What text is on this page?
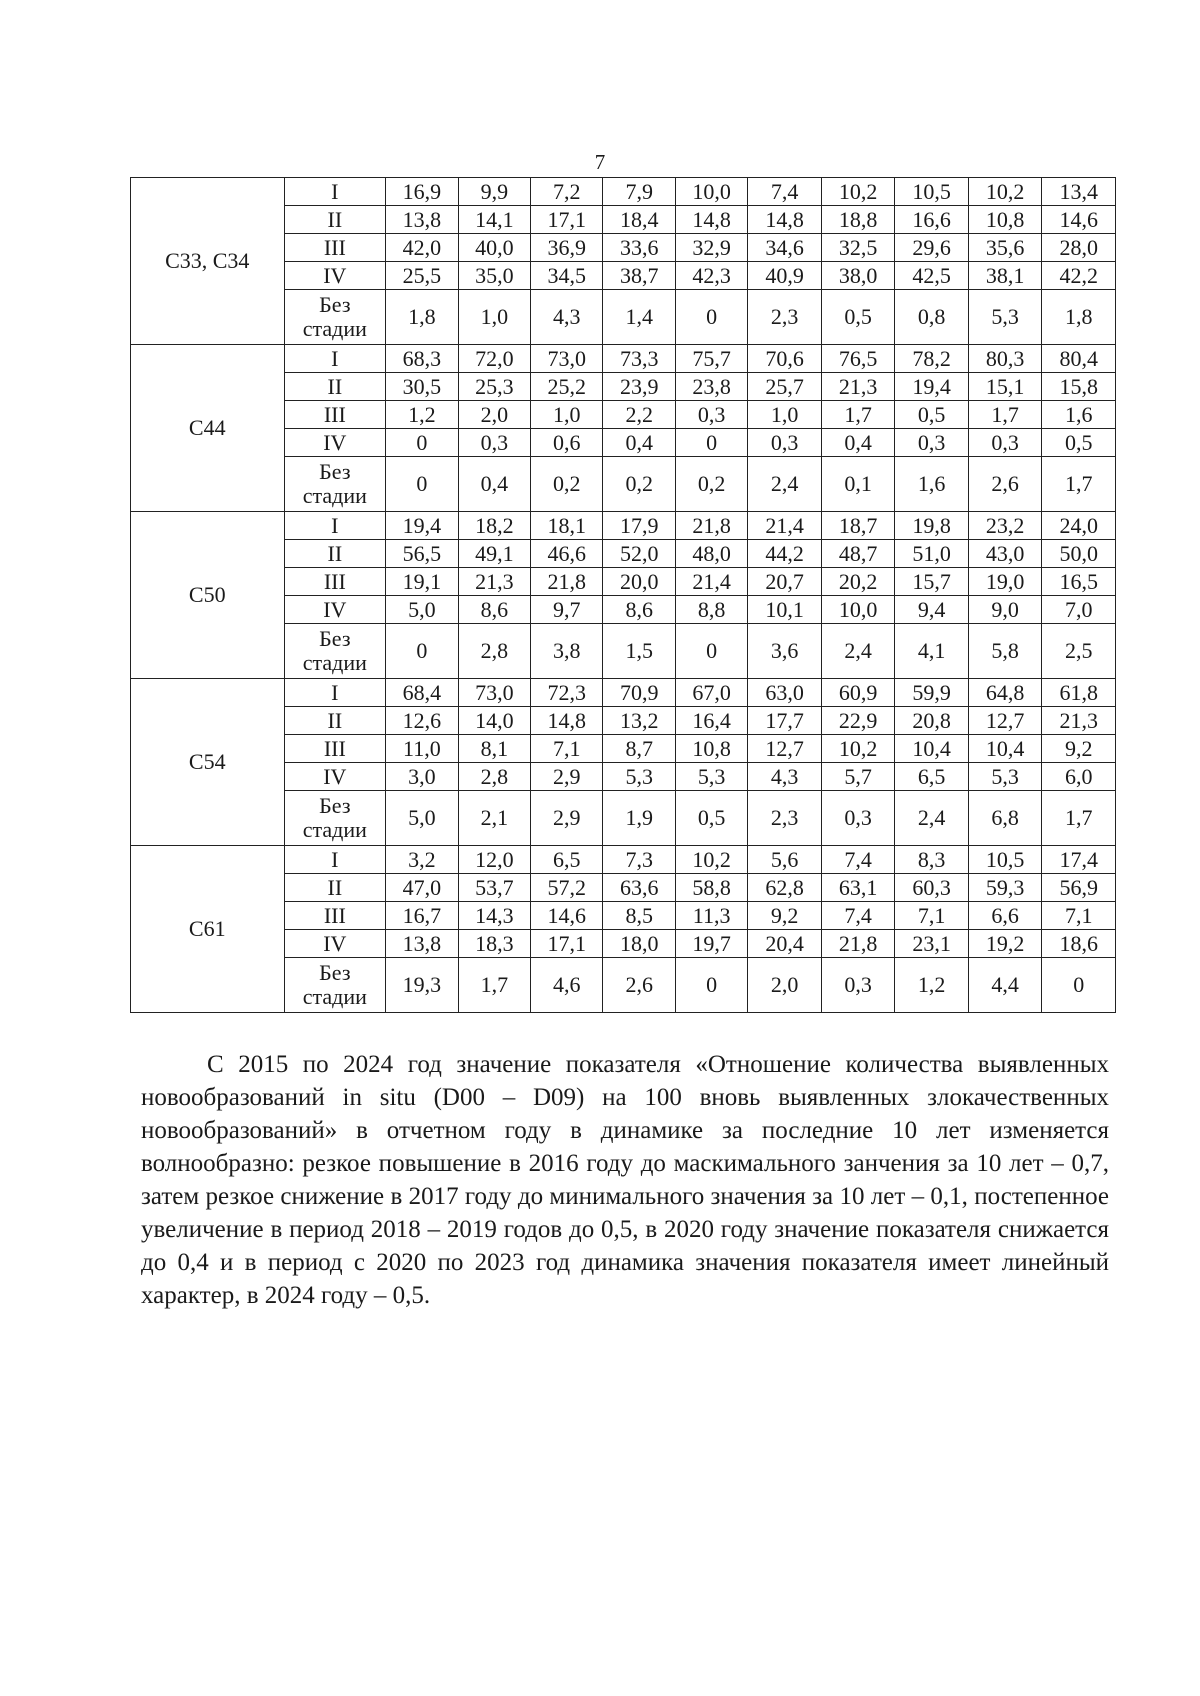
7
C33, C34	I	16,9	9,9	7,2	7,9	10,0	7,4	10,2	10,5	10,2	13,4
	II	13,8	14,1	17,1	18,4	14,8	14,8	18,8	16,6	10,8	14,6
	III	42,0	40,0	36,9	33,6	32,9	34,6	32,5	29,6	35,6	28,0
	IV	25,5	35,0	34,5	38,7	42,3	40,9	38,0	42,5	38,1	42,2
	Без стадии	1,8	1,0	4,3	1,4	0	2,3	0,5	0,8	5,3	1,8
C44	I	68,3	72,0	73,0	73,3	75,7	70,6	76,5	78,2	80,3	80,4
	II	30,5	25,3	25,2	23,9	23,8	25,7	21,3	19,4	15,1	15,8
	III	1,2	2,0	1,0	2,2	0,3	1,0	1,7	0,5	1,7	1,6
	IV	0	0,3	0,6	0,4	0	0,3	0,4	0,3	0,3	0,5
	Без стадии	0	0,4	0,2	0,2	0,2	2,4	0,1	1,6	2,6	1,7
C50	I	19,4	18,2	18,1	17,9	21,8	21,4	18,7	19,8	23,2	24,0
	II	56,5	49,1	46,6	52,0	48,0	44,2	48,7	51,0	43,0	50,0
	III	19,1	21,3	21,8	20,0	21,4	20,7	20,2	15,7	19,0	16,5
	IV	5,0	8,6	9,7	8,6	8,8	10,1	10,0	9,4	9,0	7,0
	Без стадии	0	2,8	3,8	1,5	0	3,6	2,4	4,1	5,8	2,5
C54	I	68,4	73,0	72,3	70,9	67,0	63,0	60,9	59,9	64,8	61,8
	II	12,6	14,0	14,8	13,2	16,4	17,7	22,9	20,8	12,7	21,3
	III	11,0	8,1	7,1	8,7	10,8	12,7	10,2	10,4	10,4	9,2
	IV	3,0	2,8	2,9	5,3	5,3	4,3	5,7	6,5	5,3	6,0
	Без стадии	5,0	2,1	2,9	1,9	0,5	2,3	0,3	2,4	6,8	1,7
C61	I	3,2	12,0	6,5	7,3	10,2	5,6	7,4	8,3	10,5	17,4
	II	47,0	53,7	57,2	63,6	58,8	62,8	63,1	60,3	59,3	56,9
	III	16,7	14,3	14,6	8,5	11,3	9,2	7,4	7,1	6,6	7,1
	IV	13,8	18,3	17,1	18,0	19,7	20,4	21,8	23,1	19,2	18,6
	Без стадии	19,3	1,7	4,6	2,6	0	2,0	0,3	1,2	4,4	0

С 2015 по 2024 год значение показателя «Отношение количества выявленных новообразований in situ (D00 – D09) на 100 вновь выявленных злокачественных новообразований» в отчетном году в динамике за последние 10 лет изменяется волнообразно: резкое повышение в 2016 году до маскимального занчения за 10 лет – 0,7, затем резкое снижение в 2017 году до минимального значения за 10 лет – 0,1, постепенное увеличение в период 2018 – 2019 годов до 0,5, в 2020 году значение показателя снижается до 0,4 и в период с 2020 по 2023 год динамика значения показателя имеет линейный характер, в 2024 году – 0,5.
